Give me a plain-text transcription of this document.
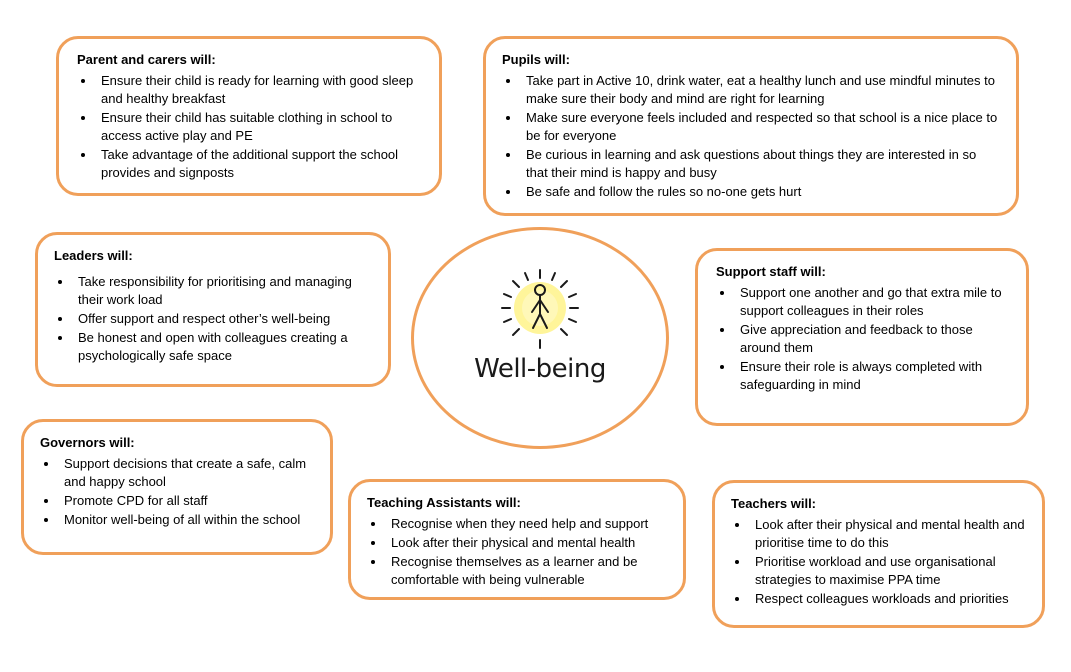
Parent and carers will:
Ensure their child is ready for learning with good sleep and healthy breakfast
Ensure their child has suitable clothing in school to access active play and PE
Take advantage of the additional support the school provides and signposts
Pupils will:
Take part in Active 10, drink water, eat a healthy lunch and use mindful minutes to make sure their body and mind are right for learning
Make sure everyone feels included and respected so that school is a nice place to be for everyone
Be curious in learning and ask questions about things they are interested in so that their mind is happy and busy
Be safe and follow the rules so no-one gets hurt
Leaders will:
Take responsibility for prioritising and managing their work load
Offer support and respect other’s well-being
Be honest and open with colleagues creating a psychologically safe space	Well-being
Support staff will:
Support one another and go that extra mile to support colleagues in their roles
Give appreciation and feedback to those around them
Ensure their role is always completed with safeguarding in mind
Governors will:
Support decisions that create a safe, calm and happy school
Promote CPD for all staff
Monitor well-being of all within the school
Teaching Assistants will:
Recognise when they need help and support
Look after their physical and mental health
Recognise themselves as a learner and be comfortable with being vulnerable
Teachers will:
Look after their physical and mental health and prioritise time to do this
Prioritise workload and use organisational strategies to maximise PPA time
Respect colleagues workloads and priorities
